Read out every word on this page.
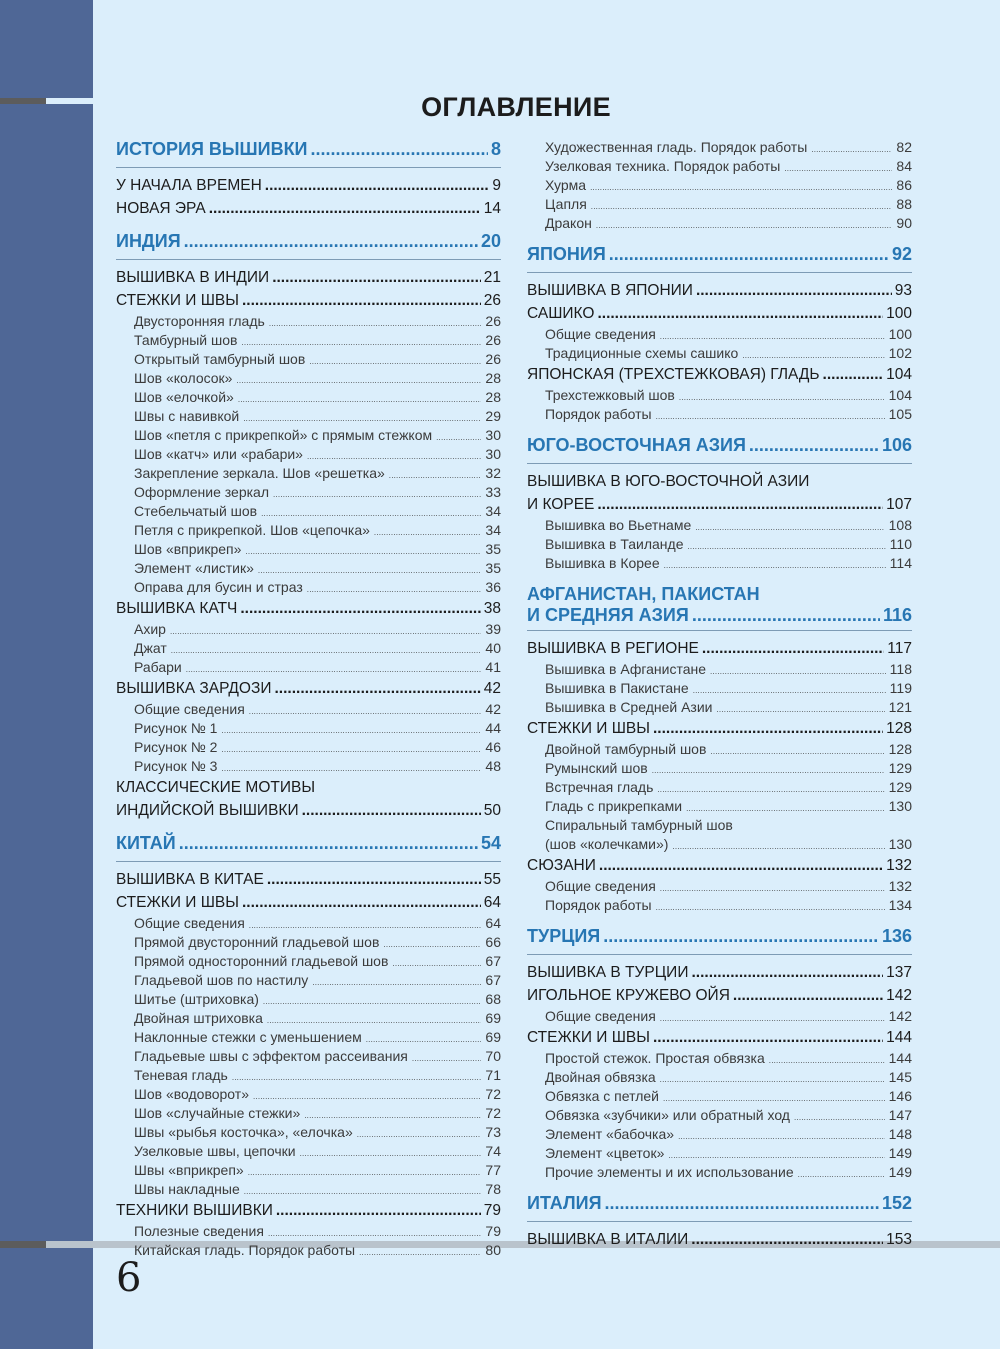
ОГЛАВЛЕНИЕ
6
ИСТОРИЯ ВЫШИВКИ .....	8
У НАЧАЛА ВРЕМЕН .....	9
НОВАЯ ЭРА .....	14
ИНДИЯ .....	20
ВЫШИВКА В ИНДИИ .....	21
СТЕЖКИ И ШВЫ .....	26
Двусторонняя гладь .....	26
Тамбурный шов .....	26
Открытый тамбурный шов .....	26
Шов «колосок» .....	28
Шов «елочкой» .....	28
Швы с навивкой .....	29
Шов «петля с прикрепкой» с прямым стежком .....	30
Шов «катч» или «рабари» .....	30
Закрепление зеркала. Шов «решетка» .....	32
Оформление зеркал .....	33
Стебельчатый шов .....	34
Петля с прикрепкой. Шов «цепочка» .....	34
Шов «вприкреп» .....	35
Элемент «листик» .....	35
Оправа для бусин и страз .....	36
ВЫШИВКА КАТЧ .....	38
Ахир .....	39
Джат .....	40
Рабари .....	41
ВЫШИВКА ЗАРДОЗИ .....	42
Общие сведения .....	42
Рисунок № 1 .....	44
Рисунок № 2 .....	46
Рисунок № 3 .....	48
КЛАССИЧЕСКИЕ МОТИВЫ
ИНДИЙСКОЙ ВЫШИВКИ .....	50
КИТАЙ .....	54
ВЫШИВКА В КИТАЕ .....	55
СТЕЖКИ И ШВЫ .....	64
Общие сведения .....	64
Прямой двусторонний гладьевой шов .....	66
Прямой односторонний гладьевой шов .....	67
Гладьевой шов по настилу .....	67
Шитье (штриховка) .....	68
Двойная штриховка .....	69
Наклонные стежки с уменьшением .....	69
Гладьевые швы с эффектом рассеивания .....	70
Теневая гладь .....	71
Шов «водоворот» .....	72
Шов «случайные стежки» .....	72
Швы «рыбья косточка», «елочка» .....	73
Узелковые швы, цепочки .....	74
Швы «вприкреп» .....	77
Швы накладные .....	78
ТЕХНИКИ ВЫШИВКИ .....	79
Полезные сведения .....	79
Китайская гладь. Порядок работы .....	80
Художественная гладь. Порядок работы .....	82
Узелковая техника. Порядок работы .....	84
Хурма .....	86
Цапля .....	88
Дракон .....	90
ЯПОНИЯ .....	92
ВЫШИВКА В ЯПОНИИ .....	93
САШИКО .....	100
Общие сведения .....	100
Традиционные схемы сашико .....	102
ЯПОНСКАЯ (ТРЕХСТЕЖКОВАЯ) ГЛАДЬ .....	104
Трехстежковый шов .....	104
Порядок работы .....	105
ЮГО-ВОСТОЧНАЯ АЗИЯ .....	106
ВЫШИВКА В ЮГО-ВОСТОЧНОЙ АЗИИ
И КОРЕЕ .....	107
Вышивка во Вьетнаме .....	108
Вышивка в Таиланде .....	110
Вышивка в Корее .....	114
АФГАНИСТАН, ПАКИСТАН
И СРЕДНЯЯ АЗИЯ .....	116
ВЫШИВКА В РЕГИОНЕ .....	117
Вышивка в Афганистане .....	118
Вышивка в Пакистане .....	119
Вышивка в Средней Азии .....	121
СТЕЖКИ И ШВЫ .....	128
Двойной тамбурный шов .....	128
Румынский шов .....	129
Встречная гладь .....	129
Гладь с прикрепками .....	130
Спиральный тамбурный шов
(шов «колечками») .....	130
СЮЗАНИ .....	132
Общие сведения .....	132
Порядок работы .....	134
ТУРЦИЯ .....	136
ВЫШИВКА В ТУРЦИИ .....	137
ИГОЛЬНОЕ КРУЖЕВО ОЙЯ .....	142
Общие сведения .....	142
СТЕЖКИ И ШВЫ .....	144
Простой стежок. Простая обвязка .....	144
Двойная обвязка .....	145
Обвязка с петлей .....	146
Обвязка «зубчики» или обратный ход .....	147
Элемент «бабочка» .....	148
Элемент «цветок» .....	149
Прочие элементы и их использование .....	149
ИТАЛИЯ .....	152
ВЫШИВКА В ИТАЛИИ .....	153
